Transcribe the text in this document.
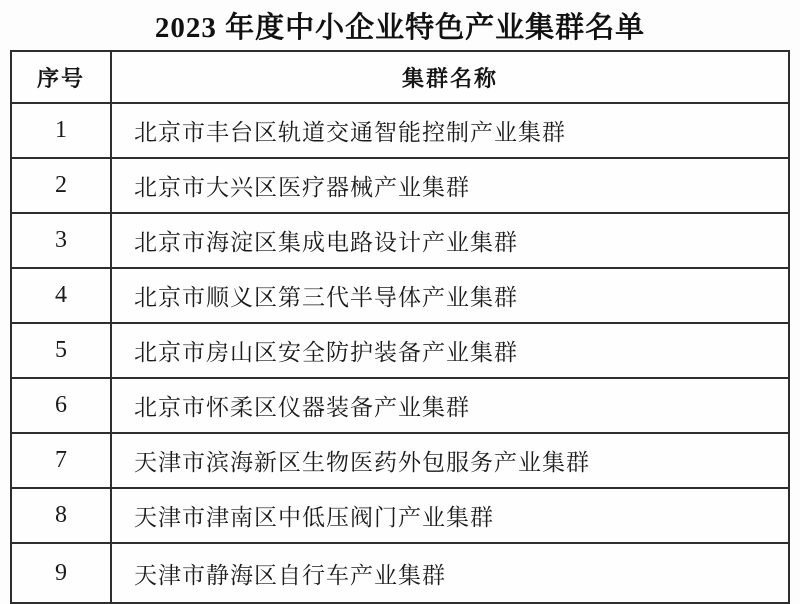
2023 年度中小企业特色产业集群名单
序号	集群名称
1	北京市丰台区轨道交通智能控制产业集群
2	北京市大兴区医疗器械产业集群
3	北京市海淀区集成电路设计产业集群
4	北京市顺义区第三代半导体产业集群
5	北京市房山区安全防护装备产业集群
6	北京市怀柔区仪器装备产业集群
7	天津市滨海新区生物医药外包服务产业集群
8	天津市津南区中低压阀门产业集群
9	天津市静海区自行车产业集群
